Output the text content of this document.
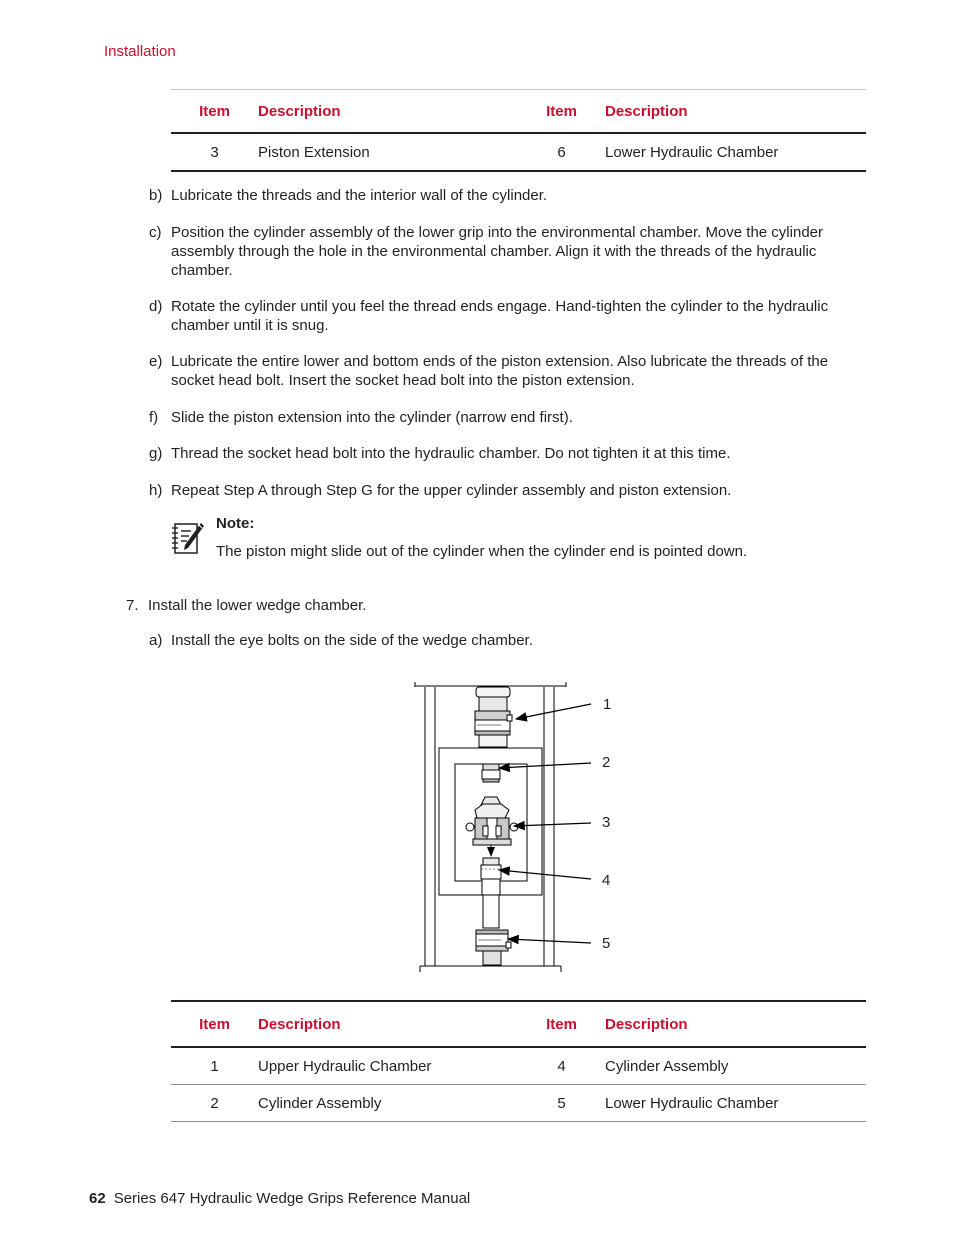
Installation
Item	Description	Item	Description
3	Piston Extension	6	Lower Hydraulic Chamber
b) Lubricate the threads and the interior wall of the cylinder.
c) Position the cylinder assembly of the lower grip into the environmental chamber. Move the cylinder assembly through the hole in the environmental chamber. Align it with the threads of the hydraulic chamber.
d) Rotate the cylinder until you feel the thread ends engage. Hand-tighten the cylinder to the hydraulic chamber until it is snug.
e) Lubricate the entire lower and bottom ends of the piston extension. Also lubricate the threads of the socket head bolt. Insert the socket head bolt into the piston extension.
f) Slide the piston extension into the cylinder (narrow end first).
g) Thread the socket head bolt into the hydraulic chamber. Do not tighten it at this time.
h) Repeat Step A through Step G for the upper cylinder assembly and piston extension.
Note:
The piston might slide out of the cylinder when the cylinder end is pointed down.
7. Install the lower wedge chamber.
a) Install the eye bolts on the side of the wedge chamber.
1
2
3
4
5
Item	Description	Item	Description
1	Upper Hydraulic Chamber	4	Cylinder Assembly
2	Cylinder Assembly	5	Lower Hydraulic Chamber
62 Series 647 Hydraulic Wedge Grips Reference Manual
